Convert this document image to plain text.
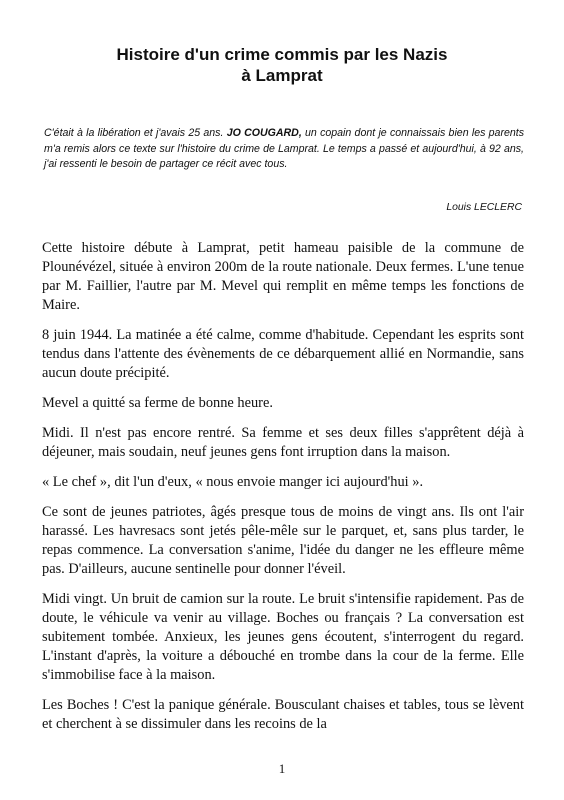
Histoire d'un crime commis par les Nazis
à Lamprat
C'était à la libération et j'avais 25 ans. JO COUGARD, un copain dont je connaissais bien les parents m'a remis alors ce texte sur l'histoire du crime de Lamprat. Le temps a passé et aujourd'hui, à 92 ans, j'ai ressenti le besoin de partager ce récit avec tous.
Louis LECLERC

Cette histoire débute à Lamprat, petit hameau paisible de la commune de Plounévézel, située à environ 200m de la route nationale. Deux fermes. L'une tenue par M. Faillier, l'autre par M. Mevel qui remplit en même temps les fonctions de Maire.

8 juin 1944. La matinée a été calme, comme d'habitude. Cependant les esprits sont tendus dans l'attente des évènements de ce débarquement allié en Normandie, sans aucun doute précipité.

Mevel a quitté sa ferme de bonne heure.

Midi. Il n'est pas encore rentré. Sa femme et ses deux filles s'apprêtent déjà à déjeuner, mais soudain, neuf jeunes gens font irruption dans la maison.

« Le chef », dit l'un d'eux, « nous envoie manger ici aujourd'hui ».

Ce sont de jeunes patriotes, âgés presque tous de moins de vingt ans. Ils ont l'air harassé. Les havresacs sont jetés pêle-mêle sur le parquet, et, sans plus tarder, le repas commence. La conversation s'anime, l'idée du danger ne les effleure même pas. D'ailleurs, aucune sentinelle pour donner l'éveil.

Midi vingt. Un bruit de camion sur la route. Le bruit s'intensifie rapidement. Pas de doute, le véhicule va venir au village. Boches ou français ? La conversation est subitement tombée. Anxieux, les jeunes gens écoutent, s'interrogent du regard. L'instant d'après, la voiture a débouché en trombe dans la cour de la ferme. Elle s'immobilise face à la maison.

Les Boches ! C'est la panique générale. Bousculant chaises et tables, tous se lèvent et cherchent à se dissimuler dans les recoins de la

1
